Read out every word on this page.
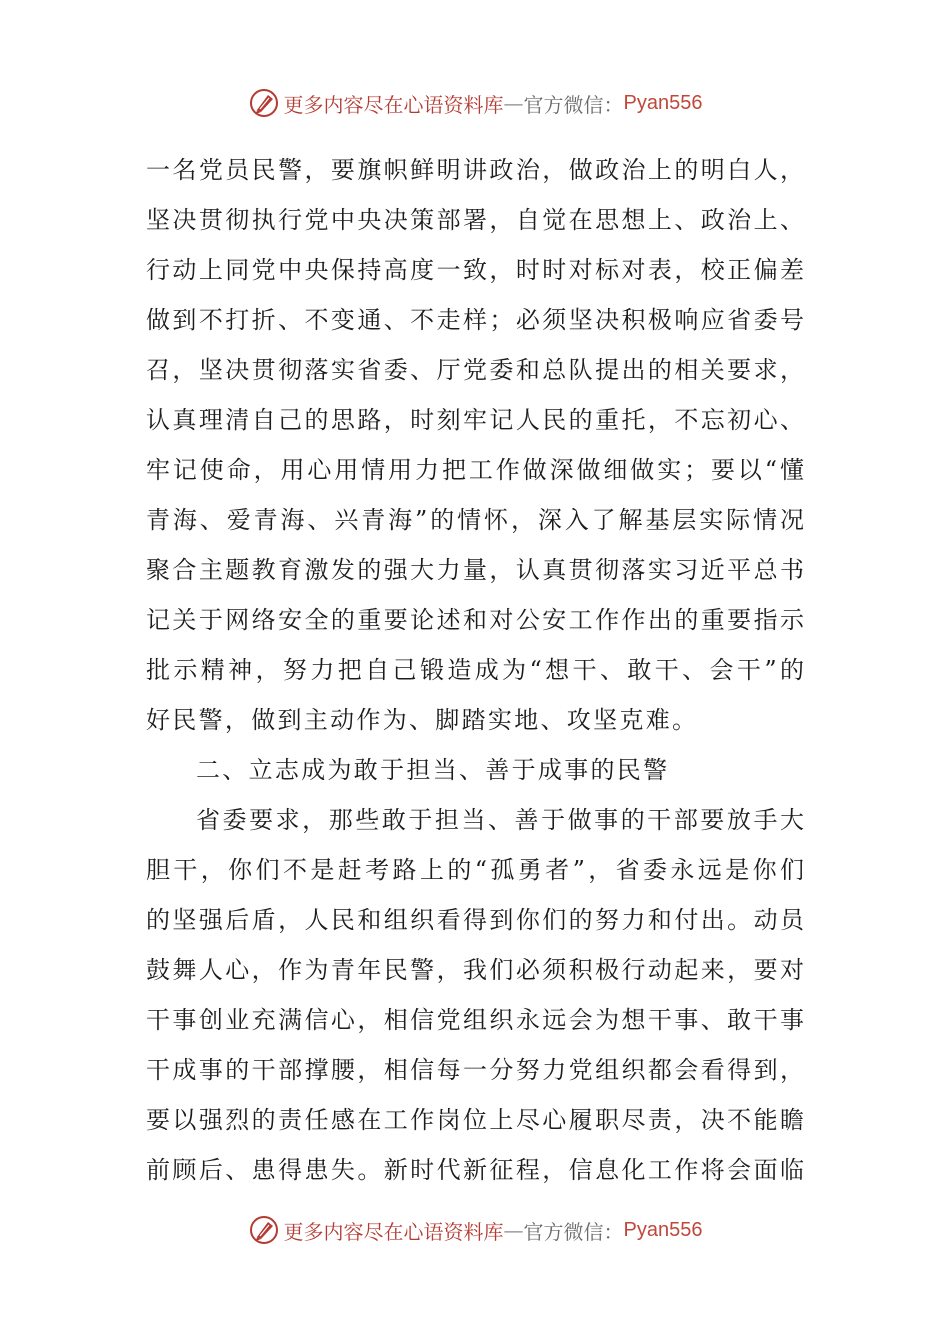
更多内容尽在心语资料库 — 官方微信： Pyan556
一名党员民警，要旗帜鲜明讲政治，做政治上的明白人，
坚决贯彻执行党中央决策部署，自觉在思想上、政治上、
行动上同党中央保持高度一致，时时对标对表，校正偏差
做到不打折、不变通、不走样；必须坚决积极响应省委号
召，坚决贯彻落实省委、厅党委和总队提出的相关要求，
认真理清自己的思路，时刻牢记人民的重托，不忘初心、
牢记使命，用心用情用力把工作做深做细做实；要以“懂
青海、爱青海、兴青海”的情怀，深入了解基层实际情况
聚合主题教育激发的强大力量，认真贯彻落实习近平总书
记关于网络安全的重要论述和对公安工作作出的重要指示
批示精神，努力把自己锻造成为“想干、敢干、会干”的
好民警，做到主动作为、脚踏实地、攻坚克难。
二、立志成为敢于担当、善于成事的民警
省委要求，那些敢于担当、善于做事的干部要放手大
胆干，你们不是赶考路上的“孤勇者”，省委永远是你们
的坚强后盾，人民和组织看得到你们的努力和付出。动员
鼓舞人心，作为青年民警，我们必须积极行动起来，要对
干事创业充满信心，相信党组织永远会为想干事、敢干事
干成事的干部撑腰，相信每一分努力党组织都会看得到，
要以强烈的责任感在工作岗位上尽心履职尽责，决不能瞻
前顾后、患得患失。新时代新征程，信息化工作将会面临
更多内容尽在心语资料库 — 官方微信： Pyan556
